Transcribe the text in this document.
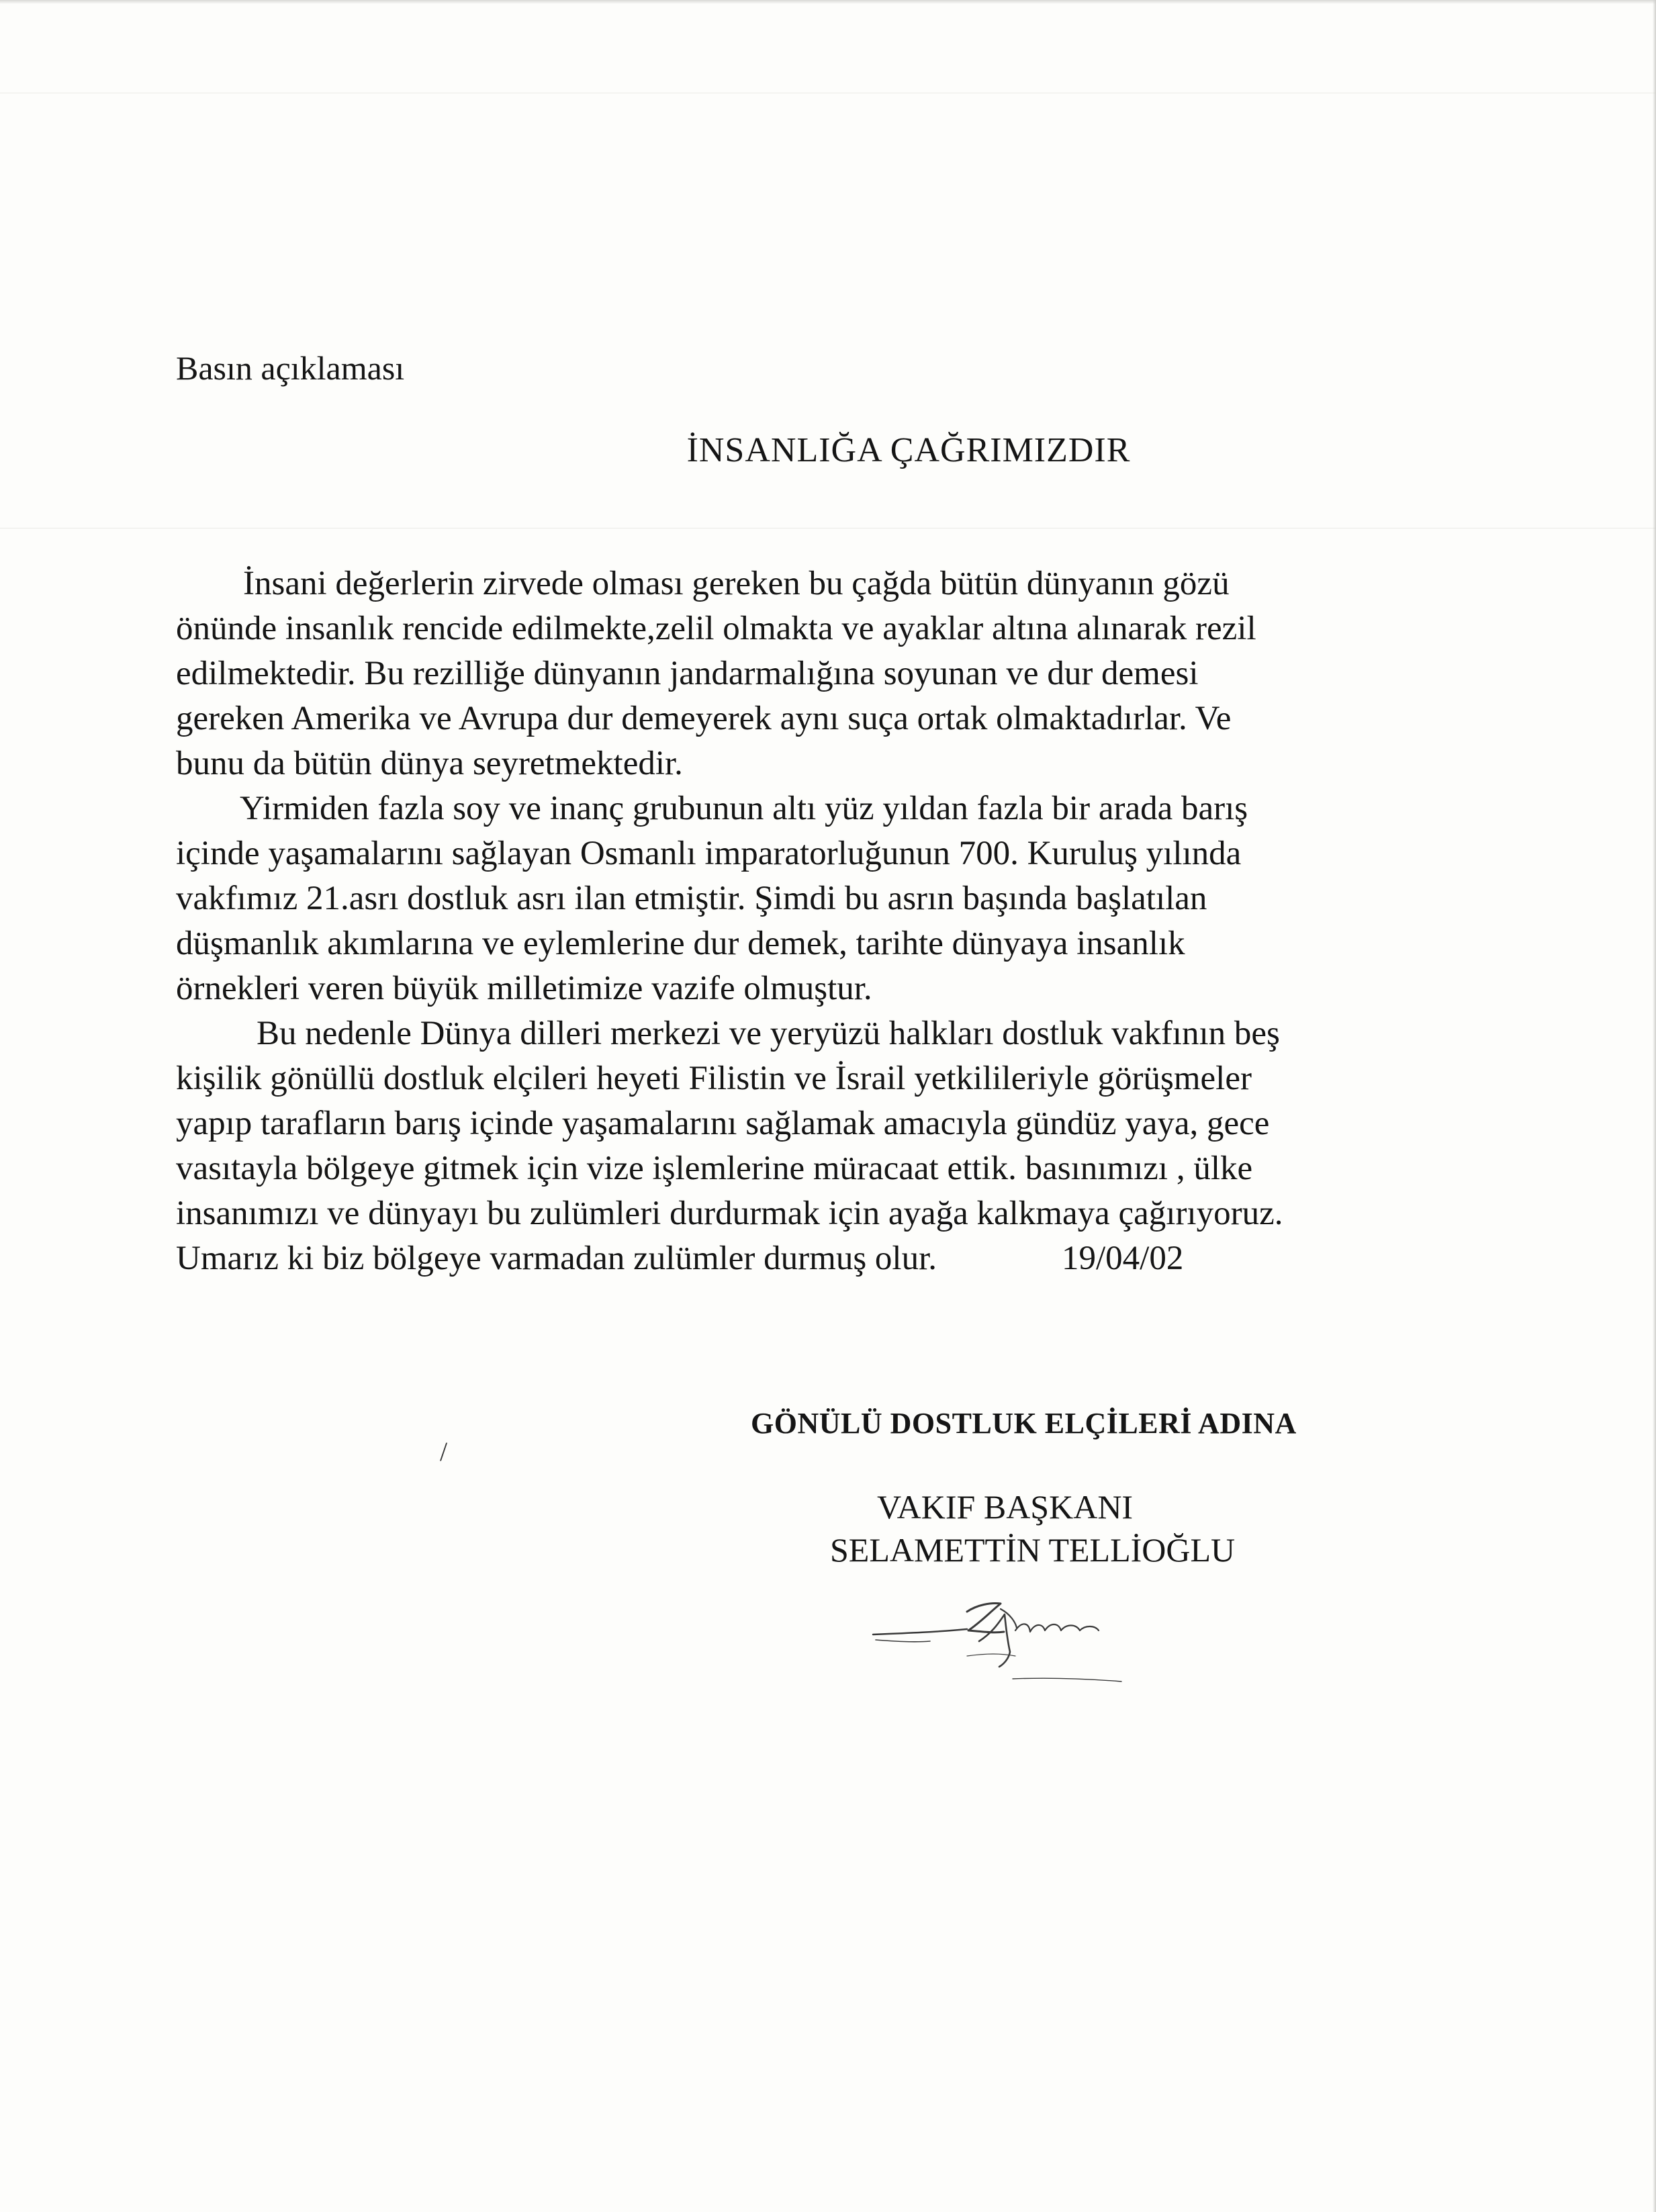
Basın açıklaması
İNSANLIĞA ÇAĞRIMIZDIR
İnsani değerlerin zirvede olması gereken bu çağda bütün dünyanın gözü
önünde insanlık rencide edilmekte,zelil olmakta ve ayaklar altına alınarak rezil
edilmektedir. Bu rezilliğe dünyanın jandarmalığına soyunan ve dur demesi
gereken Amerika ve Avrupa dur demeyerek aynı suça ortak olmaktadırlar. Ve
bunu da bütün dünya seyretmektedir.
Yirmiden fazla soy ve inanç grubunun altı yüz yıldan fazla bir arada barış
içinde yaşamalarını sağlayan Osmanlı imparatorluğunun 700. Kuruluş yılında
vakfımız 21.asrı dostluk asrı ilan etmiştir. Şimdi bu asrın başında başlatılan
düşmanlık akımlarına ve eylemlerine dur demek, tarihte dünyaya insanlık
örnekleri veren büyük milletimize vazife olmuştur.
Bu nedenle Dünya dilleri merkezi ve yeryüzü halkları dostluk vakfının beş
kişilik gönüllü dostluk elçileri heyeti Filistin ve İsrail yetkilileriyle görüşmeler
yapıp tarafların barış içinde yaşamalarını sağlamak amacıyla gündüz yaya, gece
vasıtayla bölgeye gitmek için vize işlemlerine müracaat ettik. basınımızı , ülke
insanımızı ve dünyayı bu zulümleri durdurmak için ayağa kalkmaya çağırıyoruz.
Umarız ki biz bölgeye varmadan zulümler durmuş olur.	19/04/02
GÖNÜLÜ DOSTLUK ELÇİLERİ ADINA
/
VAKIF BAŞKANI
SELAMETTİN TELLİOĞLU
